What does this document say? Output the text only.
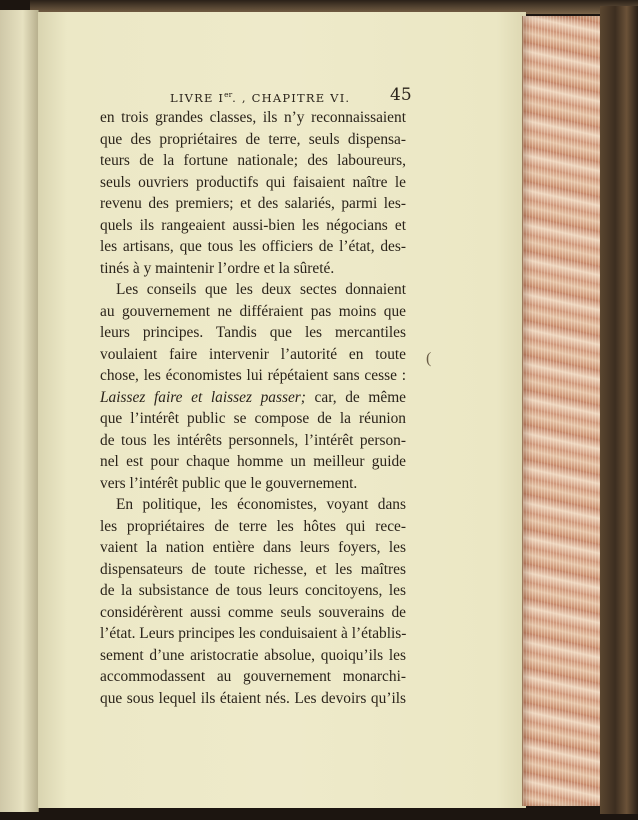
LIVRE Ier. , CHAPITRE VI. 45
en trois grandes classes, ils n’y reconnaissaient
que des propriétaires de terre, seuls dispensa-
teurs de la fortune nationale; des laboureurs,
seuls ouvriers productifs qui faisaient naître le
revenu des premiers; et des salariés, parmi les-
quels ils rangeaient aussi-bien les négocians et
les artisans, que tous les officiers de l’état, des-
tinés à y maintenir l’ordre et la sûreté.
Les conseils que les deux sectes donnaient
au gouvernement ne différaient pas moins que
leurs principes. Tandis que les mercantiles
voulaient faire intervenir l’autorité en toute
chose, les économistes lui répétaient sans cesse :
Laissez faire et laissez passer; car, de même
que l’intérêt public se compose de la réunion
de tous les intérêts personnels, l’intérêt person-
nel est pour chaque homme un meilleur guide
vers l’intérêt public que le gouvernement.
En politique, les économistes, voyant dans
les propriétaires de terre les hôtes qui rece-
vaient la nation entière dans leurs foyers, les
dispensateurs de toute richesse, et les maîtres
de la subsistance de tous leurs concitoyens, les
considérèrent aussi comme seuls souverains de
l’état. Leurs principes les conduisaient à l’établis-
sement d’une aristocratie absolue, quoiqu’ils les
accommodassent au gouvernement monarchi-
que sous lequel ils étaient nés. Les devoirs qu’ils
(
